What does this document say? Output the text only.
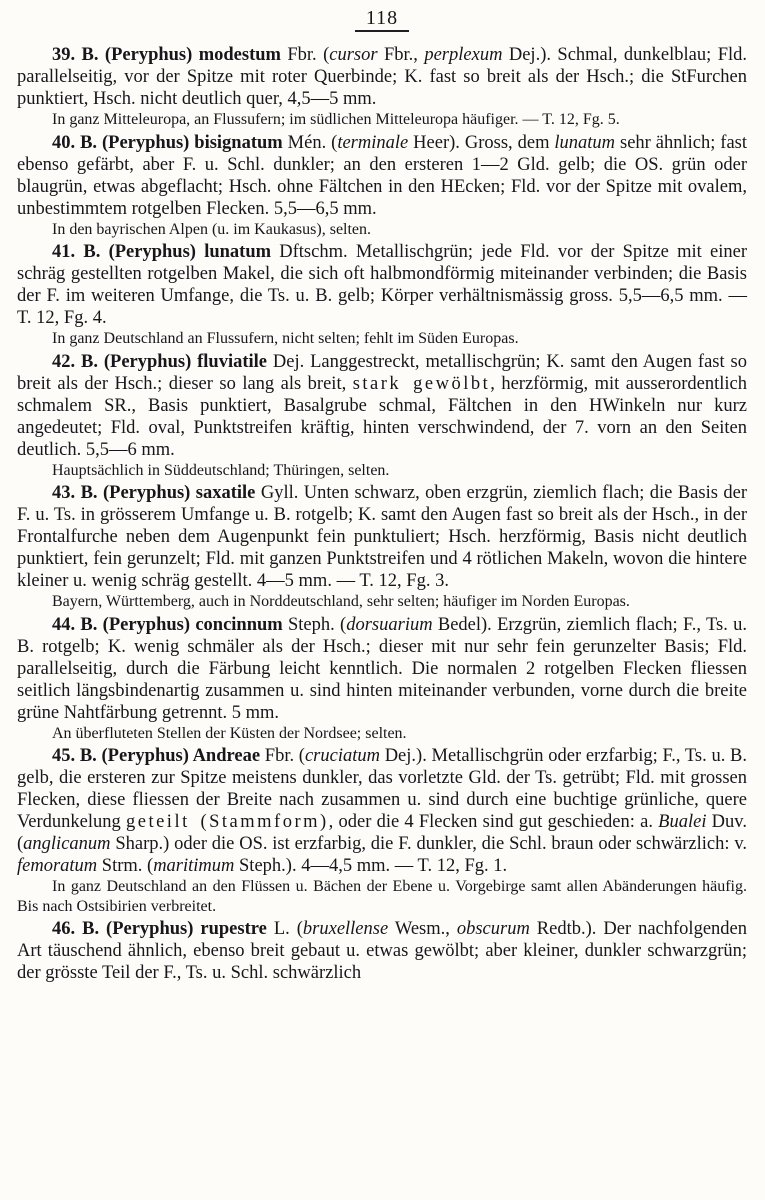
118

39. B. (Peryphus) modestum Fbr. (cursor Fbr., perplexum Dej.). Schmal, dunkelblau; Fld. parallelseitig, vor der Spitze mit roter Querbinde; K. fast so breit als der Hsch.; die StFurchen punktiert, Hsch. nicht deutlich quer, 4,5—5 mm.

In ganz Mitteleuropa, an Flussufern; im südlichen Mitteleuropa häufiger. — T. 12, Fg. 5.

40. B. (Peryphus) bisignatum Mén. (terminale Heer). Gross, dem lunatum sehr ähnlich; fast ebenso gefärbt, aber F. u. Schl. dunkler; an den ersteren 1—2 Gld. gelb; die OS. grün oder blaugrün, etwas abgeflacht; Hsch. ohne Fältchen in den HEcken; Fld. vor der Spitze mit ovalem, unbestimmtem rotgelben Flecken. 5,5—6,5 mm.

In den bayrischen Alpen (u. im Kaukasus), selten.

41. B. (Peryphus) lunatum Dftschm. Metallischgrün; jede Fld. vor der Spitze mit einer schräg gestellten rotgelben Makel, die sich oft halbmondförmig miteinander verbinden; die Basis der F. im weiteren Umfange, die Ts. u. B. gelb; Körper verhältnismässig gross. 5,5—6,5 mm. — T. 12, Fg. 4.

In ganz Deutschland an Flussufern, nicht selten; fehlt im Süden Europas.

42. B. (Peryphus) fluviatile Dej. Langgestreckt, metallischgrün; K. samt den Augen fast so breit als der Hsch.; dieser so lang als breit, stark gewölbt, herzförmig, mit ausserordentlich schmalem SR., Basis punktiert, Basalgrube schmal, Fältchen in den HWinkeln nur kurz angedeutet; Fld. oval, Punktstreifen kräftig, hinten verschwindend, der 7. vorn an den Seiten deutlich. 5,5—6 mm.

Hauptsächlich in Süddeutschland; Thüringen, selten.

43. B. (Peryphus) saxatile Gyll. Unten schwarz, oben erzgrün, ziemlich flach; die Basis der F. u. Ts. in grösserem Umfange u. B. rotgelb; K. samt den Augen fast so breit als der Hsch., in der Frontalfurche neben dem Augenpunkt fein punktuliert; Hsch. herzförmig, Basis nicht deutlich punktiert, fein gerunzelt; Fld. mit ganzen Punktstreifen und 4 rötlichen Makeln, wovon die hintere kleiner u. wenig schräg gestellt. 4—5 mm. — T. 12, Fg. 3.

Bayern, Württemberg, auch in Norddeutschland, sehr selten; häufiger im Norden Europas.

44. B. (Peryphus) concinnum Steph. (dorsuarium Bedel). Erzgrün, ziemlich flach; F., Ts. u. B. rotgelb; K. wenig schmäler als der Hsch.; dieser mit nur sehr fein gerunzelter Basis; Fld. parallelseitig, durch die Färbung leicht kenntlich. Die normalen 2 rotgelben Flecken fliessen seitlich längsbindenartig zusammen u. sind hinten miteinander verbunden, vorne durch die breite grüne Nahtfärbung getrennt. 5 mm.

An überfluteten Stellen der Küsten der Nordsee; selten.

45. B. (Peryphus) Andreae Fbr. (cruciatum Dej.). Metallischgrün oder erzfarbig; F., Ts. u. B. gelb, die ersteren zur Spitze meistens dunkler, das vorletzte Gld. der Ts. getrübt; Fld. mit grossen Flecken, diese fliessen der Breite nach zusammen u. sind durch eine buchtige grünliche, quere Verdunkelung geteilt (Stammform), oder die 4 Flecken sind gut geschieden: a. Bualei Duv. (anglicanum Sharp.) oder die OS. ist erzfarbig, die F. dunkler, die Schl. braun oder schwärzlich: v. femoratum Strm. (maritimum Steph.). 4—4,5 mm. — T. 12, Fg. 1.

In ganz Deutschland an den Flüssen u. Bächen der Ebene u. Vorgebirge samt allen Abänderungen häufig. Bis nach Ostsibirien verbreitet.

46. B. (Peryphus) rupestre L. (bruxellense Wesm., obscurum Redtb.). Der nachfolgenden Art täuschend ähnlich, ebenso breit gebaut u. etwas gewölbt; aber kleiner, dunkler schwarzgrün; der grösste Teil der F., Ts. u. Schl. schwärzlich
